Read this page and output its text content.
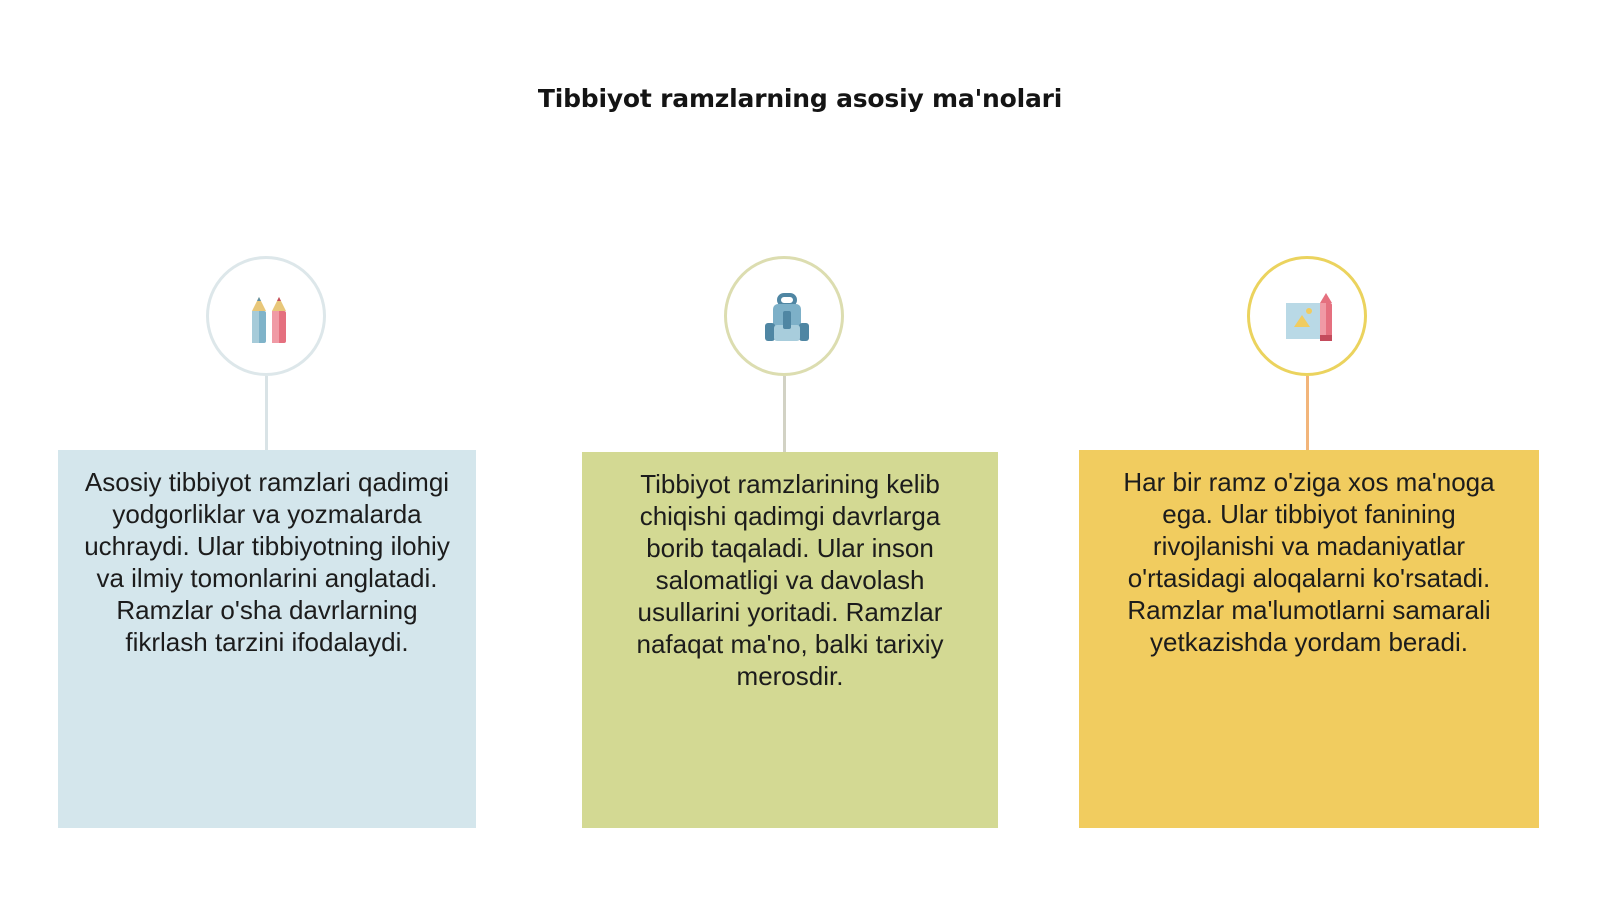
Tibbiyot ramzlarning asosiy ma'nolari
Asosiy tibbiyot ramzlari qadimgi yodgorliklar va yozmalarda uchraydi. Ular tibbiyotning ilohiy va ilmiy tomonlarini anglatadi. Ramzlar o'sha davrlarning fikrlash tarzini ifodalaydi.
Tibbiyot ramzlarining kelib chiqishi qadimgi davrlarga borib taqaladi. Ular inson salomatligi va davolash usullarini yoritadi. Ramzlar nafaqat ma'no, balki tarixiy merosdir.
Har bir ramz o'ziga xos ma'noga ega. Ular tibbiyot fanining rivojlanishi va madaniyatlar o'rtasidagi aloqalarni ko'rsatadi. Ramzlar ma'lumotlarni samarali yetkazishda yordam beradi.
